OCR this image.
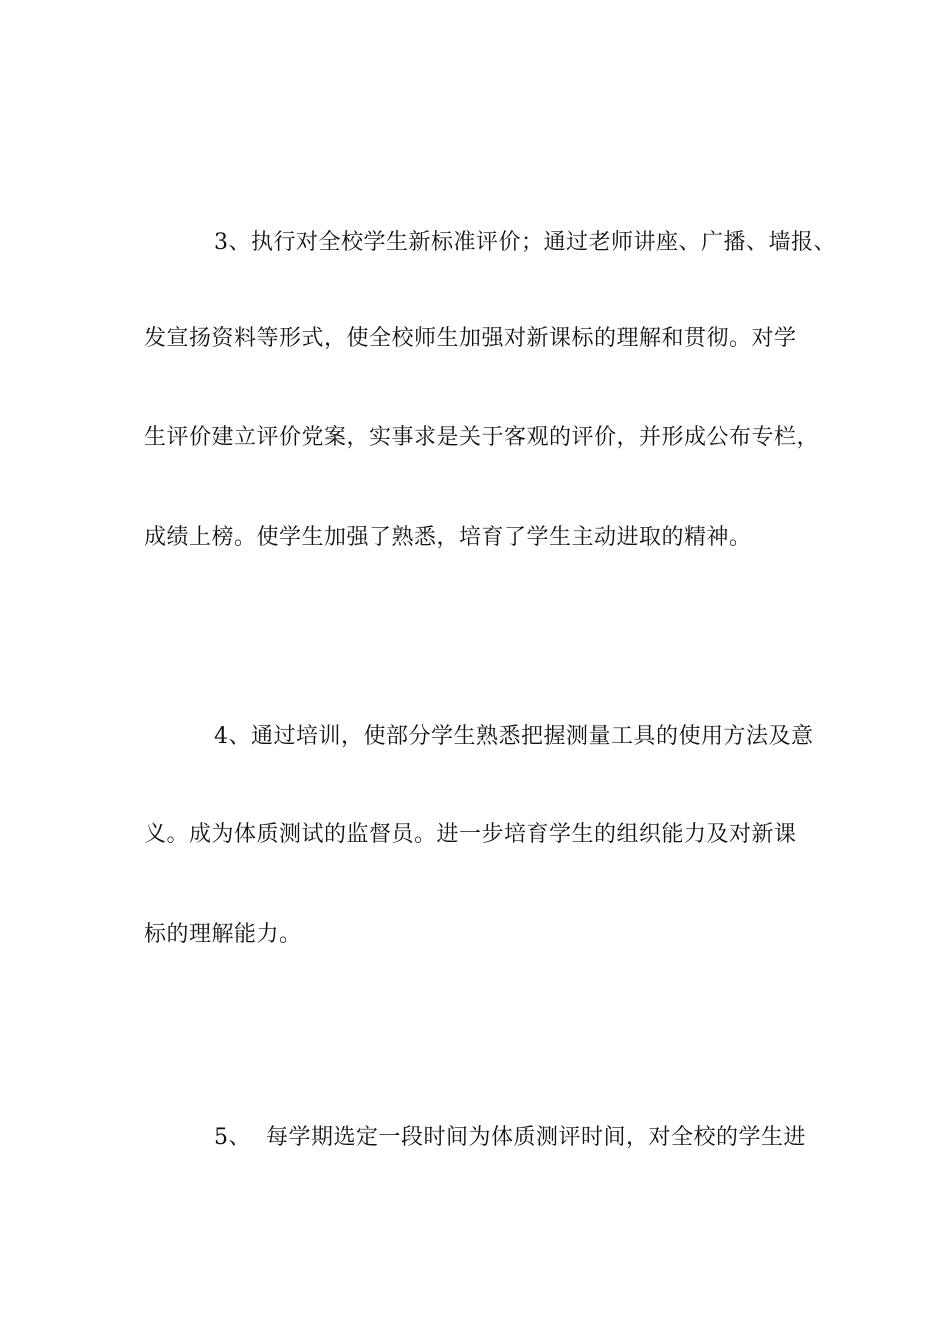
3、执行对全校学生新标准评价；通过老师讲座、广播、墙报、
发宣扬资料等形式，使全校师生加强对新课标的理解和贯彻。对学
生评价建立评价党案，实事求是关于客观的评价，并形成公布专栏，
成绩上榜。使学生加强了熟悉，培育了学生主动进取的精神。
4、通过培训，使部分学生熟悉把握测量工具的使用方法及意
义。成为体质测试的监督员。进一步培育学生的组织能力及对新课
标的理解能力。
5、  每学期选定一段时间为体质测评时间，对全校的学生进
